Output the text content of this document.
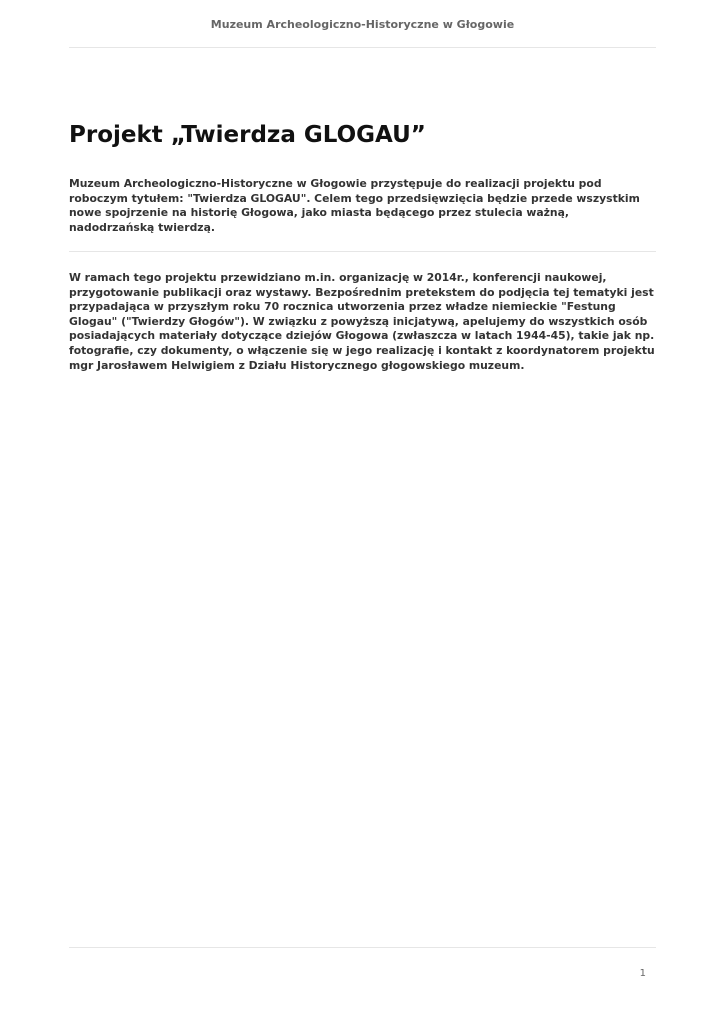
Muzeum Archeologiczno-Historyczne w Głogowie
Projekt „Twierdza GLOGAU”

Muzeum Archeologiczno-Historyczne w Głogowie przystępuje do realizacji projektu pod roboczym tytułem: "Twierdza GLOGAU". Celem tego przedsięwzięcia będzie przede wszystkim nowe spojrzenie na historię Głogowa, jako miasta będącego przez stulecia ważną, nadodrzańską twierdzą.

W ramach tego projektu przewidziano m.in. organizację w 2014r., konferencji naukowej, przygotowanie publikacji oraz wystawy. Bezpośrednim pretekstem do podjęcia tej tematyki jest przypadająca w przyszłym roku 70 rocznica utworzenia przez władze niemieckie "Festung Glogau" ("Twierdzy Głogów"). W związku z powyższą inicjatywą, apelujemy do wszystkich osób posiadających materiały dotyczące dziejów Głogowa (zwłaszcza w latach 1944-45), takie jak np. fotografie, czy dokumenty, o włączenie się w jego realizację i kontakt z koordynatorem projektu mgr Jarosławem Helwigiem z Działu Historycznego głogowskiego muzeum.

1
